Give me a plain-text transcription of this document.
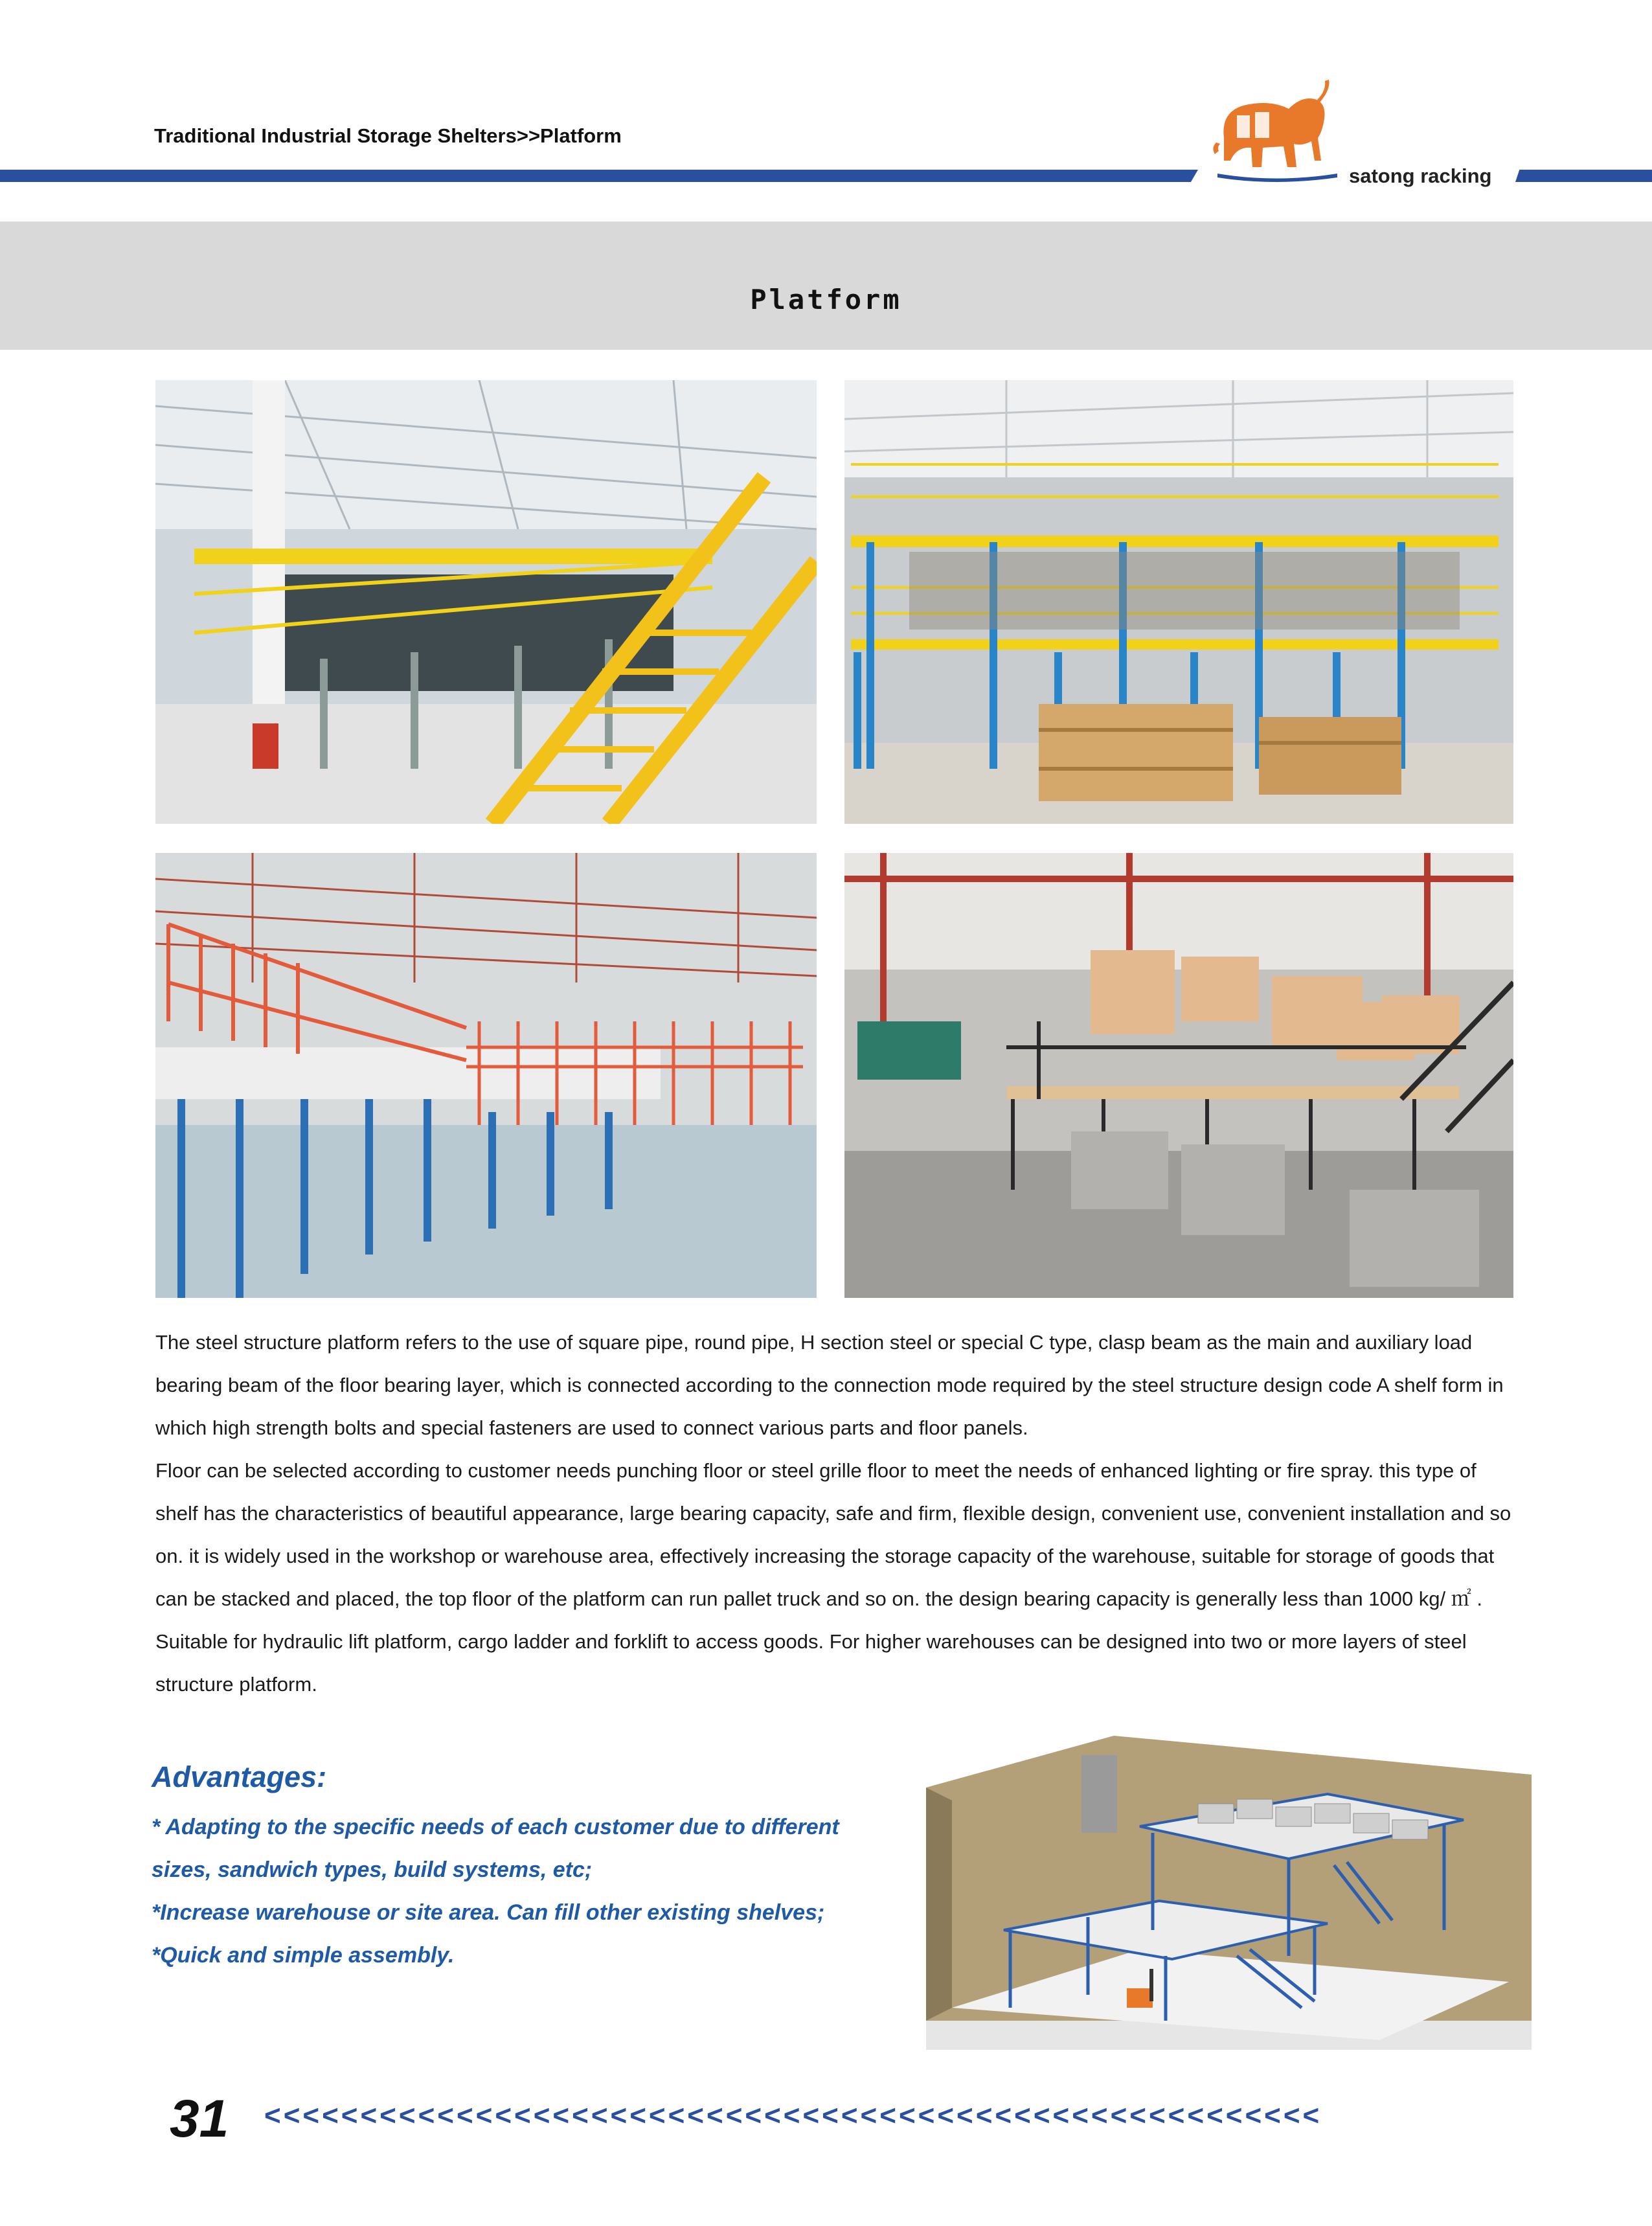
Traditional Industrial Storage Shelters>>Platform
satong racking
Platform

The steel structure platform refers to the use of square pipe, round pipe, H section steel or special C type, clasp beam as the main and auxiliary load bearing beam of the floor bearing layer, which is connected according to the connection mode required by the steel structure design code A shelf form in which high strength bolts and special fasteners are used to connect various parts and floor panels.

Floor can be selected according to customer needs punching floor or steel grille floor to meet the needs of enhanced lighting or fire spray. this type of shelf has the characteristics of beautiful appearance, large bearing capacity, safe and firm, flexible design, convenient use, convenient installation and so on. it is widely used in the workshop or warehouse area, effectively increasing the storage capacity of the warehouse, suitable for storage of goods that can be stacked and placed, the top floor of the platform can run pallet truck and so on. the design bearing capacity is generally less than 1000 kg/ ㎡ . Suitable for hydraulic lift platform, cargo ladder and forklift to access goods. For higher warehouses can be designed into two or more layers of steel structure platform.

Advantages:
* Adapting to the specific needs of each customer due to different
sizes, sandwich types, build systems, etc;
*Increase warehouse or site area. Can fill other existing shelves;
*Quick and simple assembly.
31 <<<<<<<<<<<<<<<<<<<<<<<<<<<<<<<<<<<<<<<<<<<<<<<<<<<<<<<
